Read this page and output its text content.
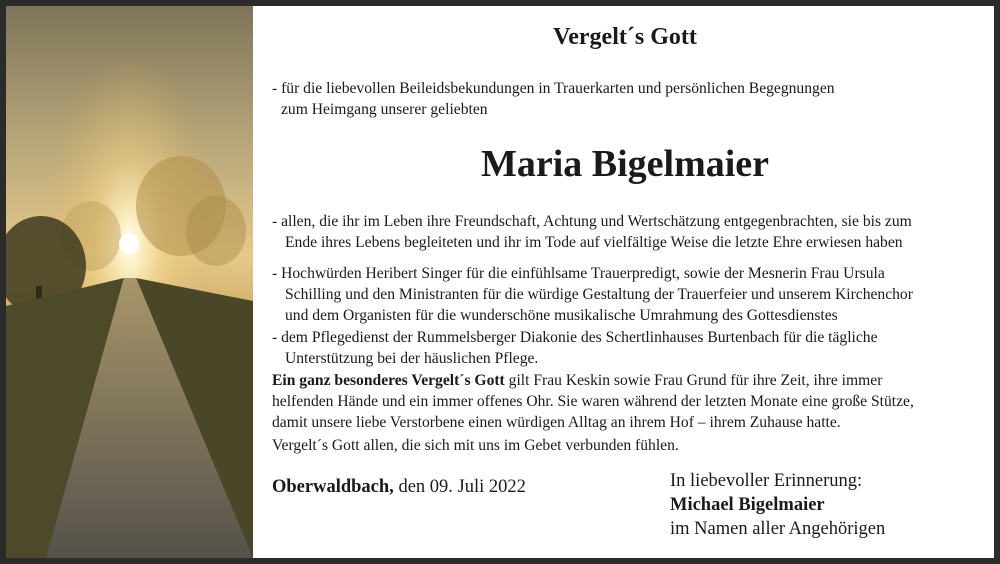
Vergelt´s Gott
- für die liebevollen Beileidsbekundungen in Trauerkarten und persönlichen Begegnungen
zum Heimgang unserer geliebten
Maria Bigelmaier
- allen, die ihr im Leben ihre Freundschaft, Achtung und Wertschätzung entgegenbrachten, sie bis zum
Ende ihres Lebens begleiteten und ihr im Tode auf vielfältige Weise die letzte Ehre erwiesen haben
- Hochwürden Heribert Singer für die einfühlsame Trauerpredigt, sowie der Mesnerin Frau Ursula
Schilling und den Ministranten für die würdige Gestaltung der Trauerfeier und unserem Kirchenchor
und dem Organisten für die wunderschöne musikalische Umrahmung des Gottesdienstes
- dem Pflegedienst der Rummelsberger Diakonie des Schertlinhauses Burtenbach für die tägliche
Unterstützung bei der häuslichen Pflege.
Ein ganz besonderes Vergelt´s Gott gilt Frau Keskin sowie Frau Grund für ihre Zeit, ihre immer
helfenden Hände und ein immer offenes Ohr. Sie waren während der letzten Monate eine große Stütze,
damit unsere liebe Verstorbene einen würdigen Alltag an ihrem Hof – ihrem Zuhause hatte.
Vergelt´s Gott allen, die sich mit uns im Gebet verbunden fühlen.
Oberwaldbach, den 09. Juli 2022	In liebevoller Erinnerung:
Michael Bigelmaier
im Namen aller Angehörigen
